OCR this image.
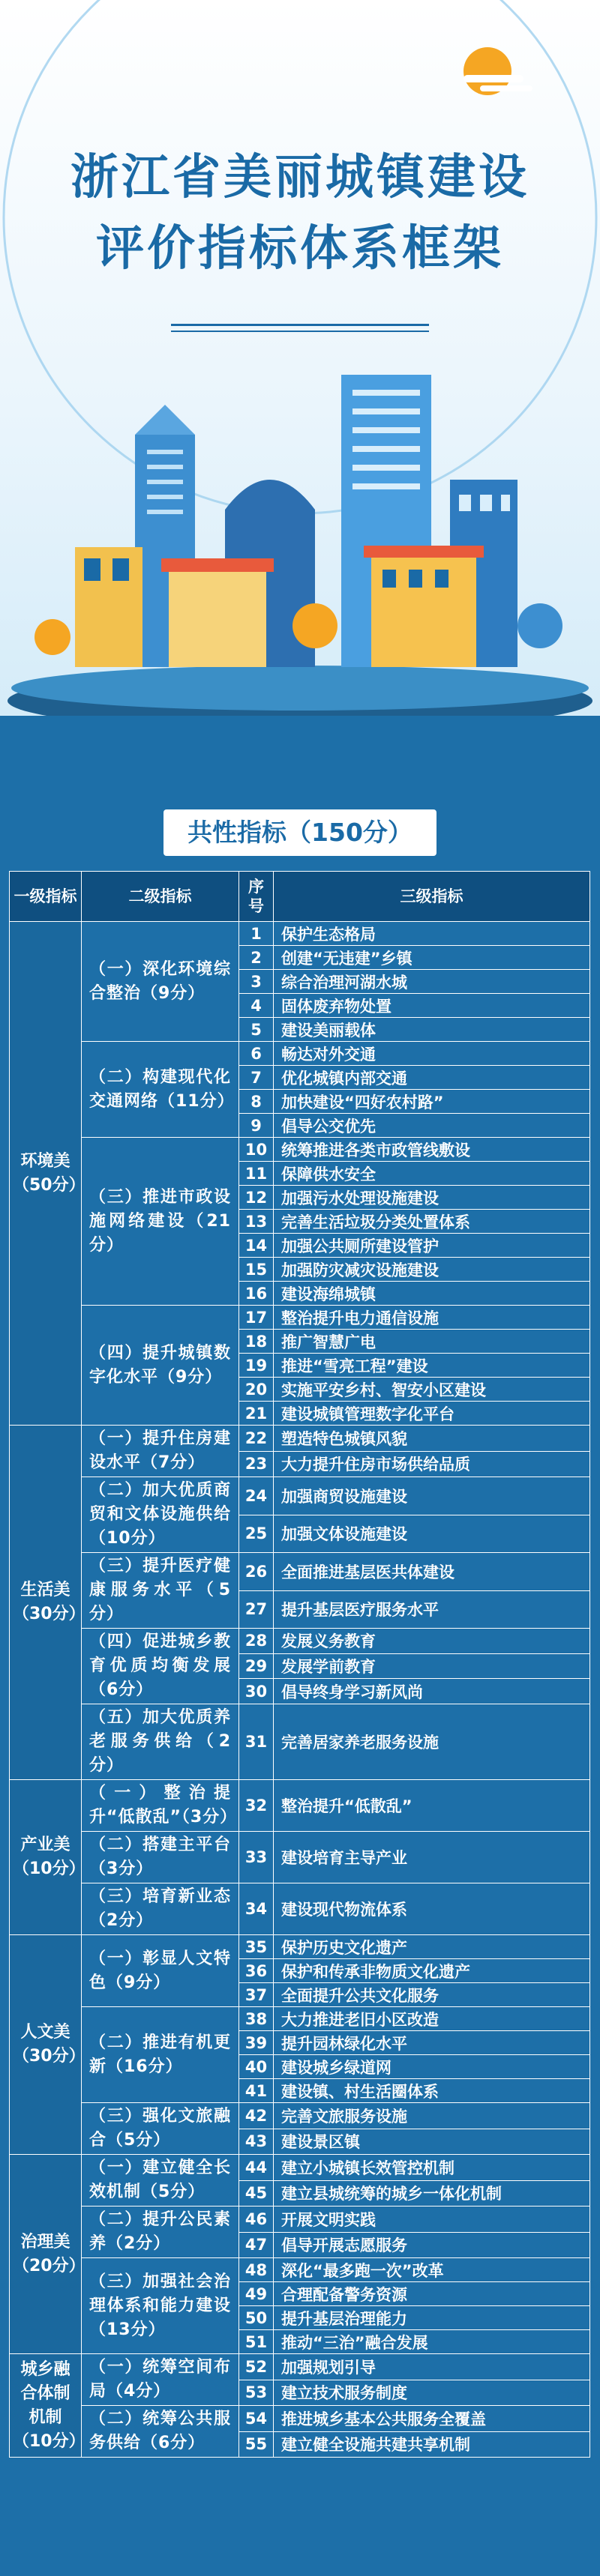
浙江省美丽城镇建设
评价指标体系框架
共性指标（150分）
一级指标	二级指标	序号	三级指标
环境美（50分）	（一）深化环境综合整治（9分）	1	保护生态格局
		2	创建“无违建”乡镇
		3	综合治理河湖水城
		4	固体废弃物处置
		5	建设美丽载体
	（二）构建现代化交通网络（11分）	6	畅达对外交通
		7	优化城镇内部交通
		8	加快建设“四好农村路”
		9	倡导公交优先
	（三）推进市政设施网络建设（21分）	10	统筹推进各类市政管线敷设
		11	保障供水安全
		12	加强污水处理设施建设
		13	完善生活垃圾分类处置体系
		14	加强公共厕所建设管护
		15	加强防灾减灾设施建设
		16	建设海绵城镇
	（四）提升城镇数字化水平（9分）	17	整治提升电力通信设施
		18	推广智慧广电
		19	推进“雪亮工程”建设
		20	实施平安乡村、智安小区建设
		21	建设城镇管理数字化平台
生活美（30分）	（一）提升住房建设水平（7分）	22	塑造特色城镇风貌
		23	大力提升住房市场供给品质
	（二）加大优质商贸和文体设施供给（10分）	24	加强商贸设施建设
		25	加强文体设施建设
	（三）提升医疗健康服务水平（5分）	26	全面推进基层医共体建设
		27	提升基层医疗服务水平
	（四）促进城乡教育优质均衡发展（6分）	28	发展义务教育
		29	发展学前教育
		30	倡导终身学习新风尚
	（五）加大优质养老服务供给（2分）	31	完善居家养老服务设施
产业美（10分）	（一）整治提升“低散乱”（3分）	32	整治提升“低散乱”
	（二）搭建主平台（3分）	33	建设培育主导产业
	（三）培育新业态（2分）	34	建设现代物流体系
人文美（30分）	（一）彰显人文特色（9分）	35	保护历史文化遗产
		36	保护和传承非物质文化遗产
		37	全面提升公共文化服务
	（二）推进有机更新（16分）	38	大力推进老旧小区改造
		39	提升园林绿化水平
		40	建设城乡绿道网
		41	建设镇、村生活圈体系
	（三）强化文旅融合（5分）	42	完善文旅服务设施
		43	建设景区镇
治理美（20分）	（一）建立健全长效机制（5分）	44	建立小城镇长效管控机制
		45	建立县城统筹的城乡一体化机制
	（二）提升公民素养（2分）	46	开展文明实践
		47	倡导开展志愿服务
	（三）加强社会治理体系和能力建设（13分）	48	深化“最多跑一次”改革
		49	合理配备警务资源
		50	提升基层治理能力
		51	推动“三治”融合发展
城乡融合体制机制（10分）	（一）统筹空间布局（4分）	52	加强规划引导
		53	建立技术服务制度
	（二）统筹公共服务供给（6分）	54	推进城乡基本公共服务全覆盖
		55	建立健全设施共建共享机制
